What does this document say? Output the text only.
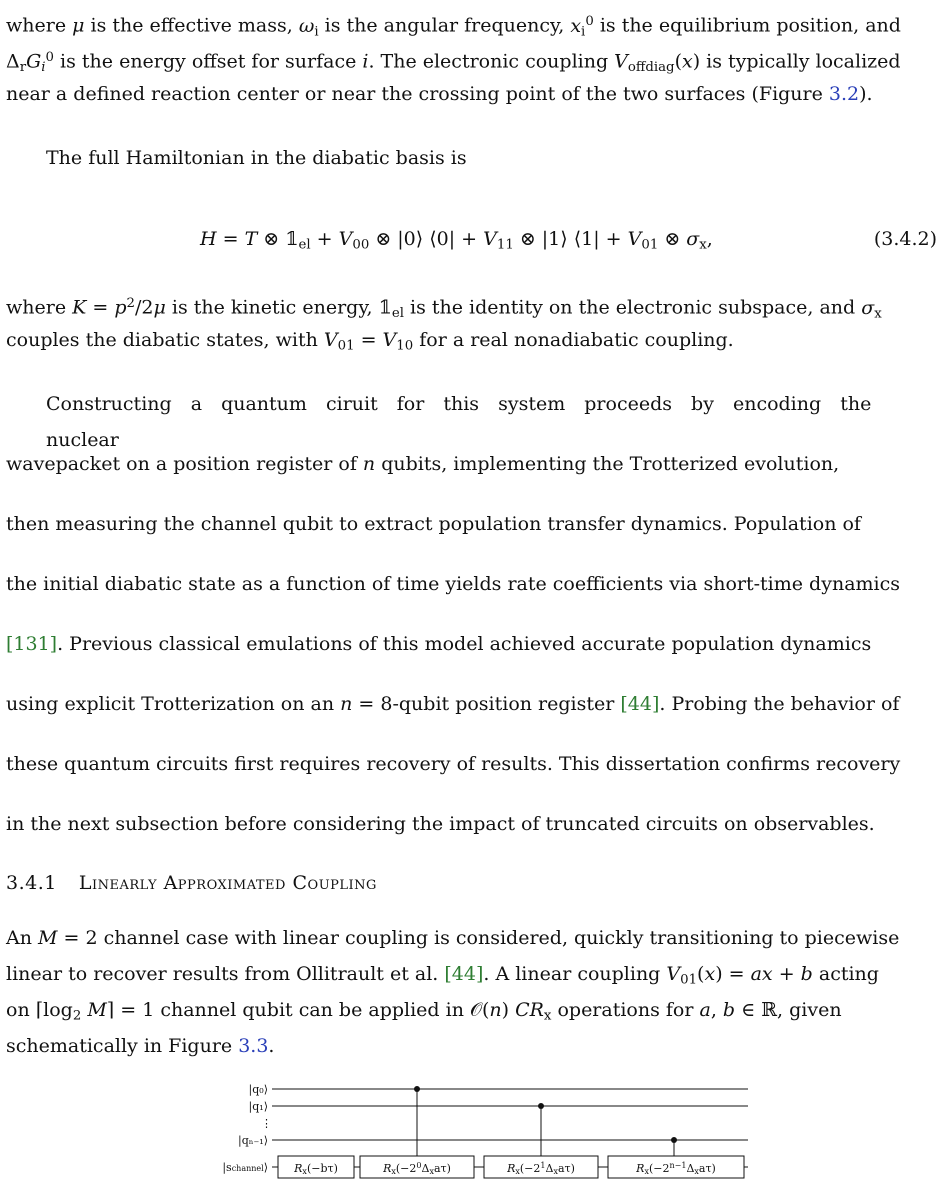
where μ is the effective mass, $\omega_i$ is the angular frequency, $x_i^0$ is the equilibrium position, and
$\Delta_rG_i^0$ is the energy offset for surface i. The electronic coupling $V_{offdiag}(x)$ is typically localized
near a defined reaction center or near the crossing point of the two surfaces (Figure 3.2).
The full Hamiltonian in the diabatic basis is
H = T ⊗ $𝟙_{el} + V_{00}$ ⊗ |0⟩ ⟨0| + $V_{11}$ ⊗ |1⟩ ⟨1| + $V_{01}$ ⊗ $\sigma_x$,	(3.4.2)
where $K = p^2/2\mu$ is the kinetic energy, $𝟙_{el}$ is the identity on the electronic subspace, and $\sigma_x$
couples the diabatic states, with $V_{01} = V_{10}$ for a real nonadiabatic coupling.
Constructing a quantum ciruit for this system proceeds by encoding the nuclear
wavepacket on a position register of n qubits, implementing the Trotterized evolution,
then measuring the channel qubit to extract population transfer dynamics. Population of
the initial diabatic state as a function of time yields rate coefficients via short-time dynamics
[131]. Previous classical emulations of this model achieved accurate population dynamics
using explicit Trotterization on an n = 8-qubit position register [44]. Probing the behavior of
these quantum circuits first requires recovery of results. This dissertation confirms recovery
in the next subsection before considering the impact of truncated circuits on observables.
3.4.1 Linearly Approximated Coupling
An M = 2 channel case with linear coupling is considered, quickly transitioning to piecewise
linear to recover results from Ollitrault et al. [44]. A linear coupling $V_{01}(x)$ = ax + b acting
on $⌈\log_2$ M⌉ = 1 channel qubit can be applied in 𝒪(n) $CR_x$ operations for a, b ∈ ℝ, given
schematically in Figure 3.3.
|q₀⟩
|q₁⟩
⋮
|qₙ₋₁⟩
|schannel⟩ Rx(−bτ)	$Rx(-2^0\Delta xa\tau)$	$Rx(-2^1\Delta xa\tau)$	$Rx(-2^{n-1}\Delta xa\tau)$
